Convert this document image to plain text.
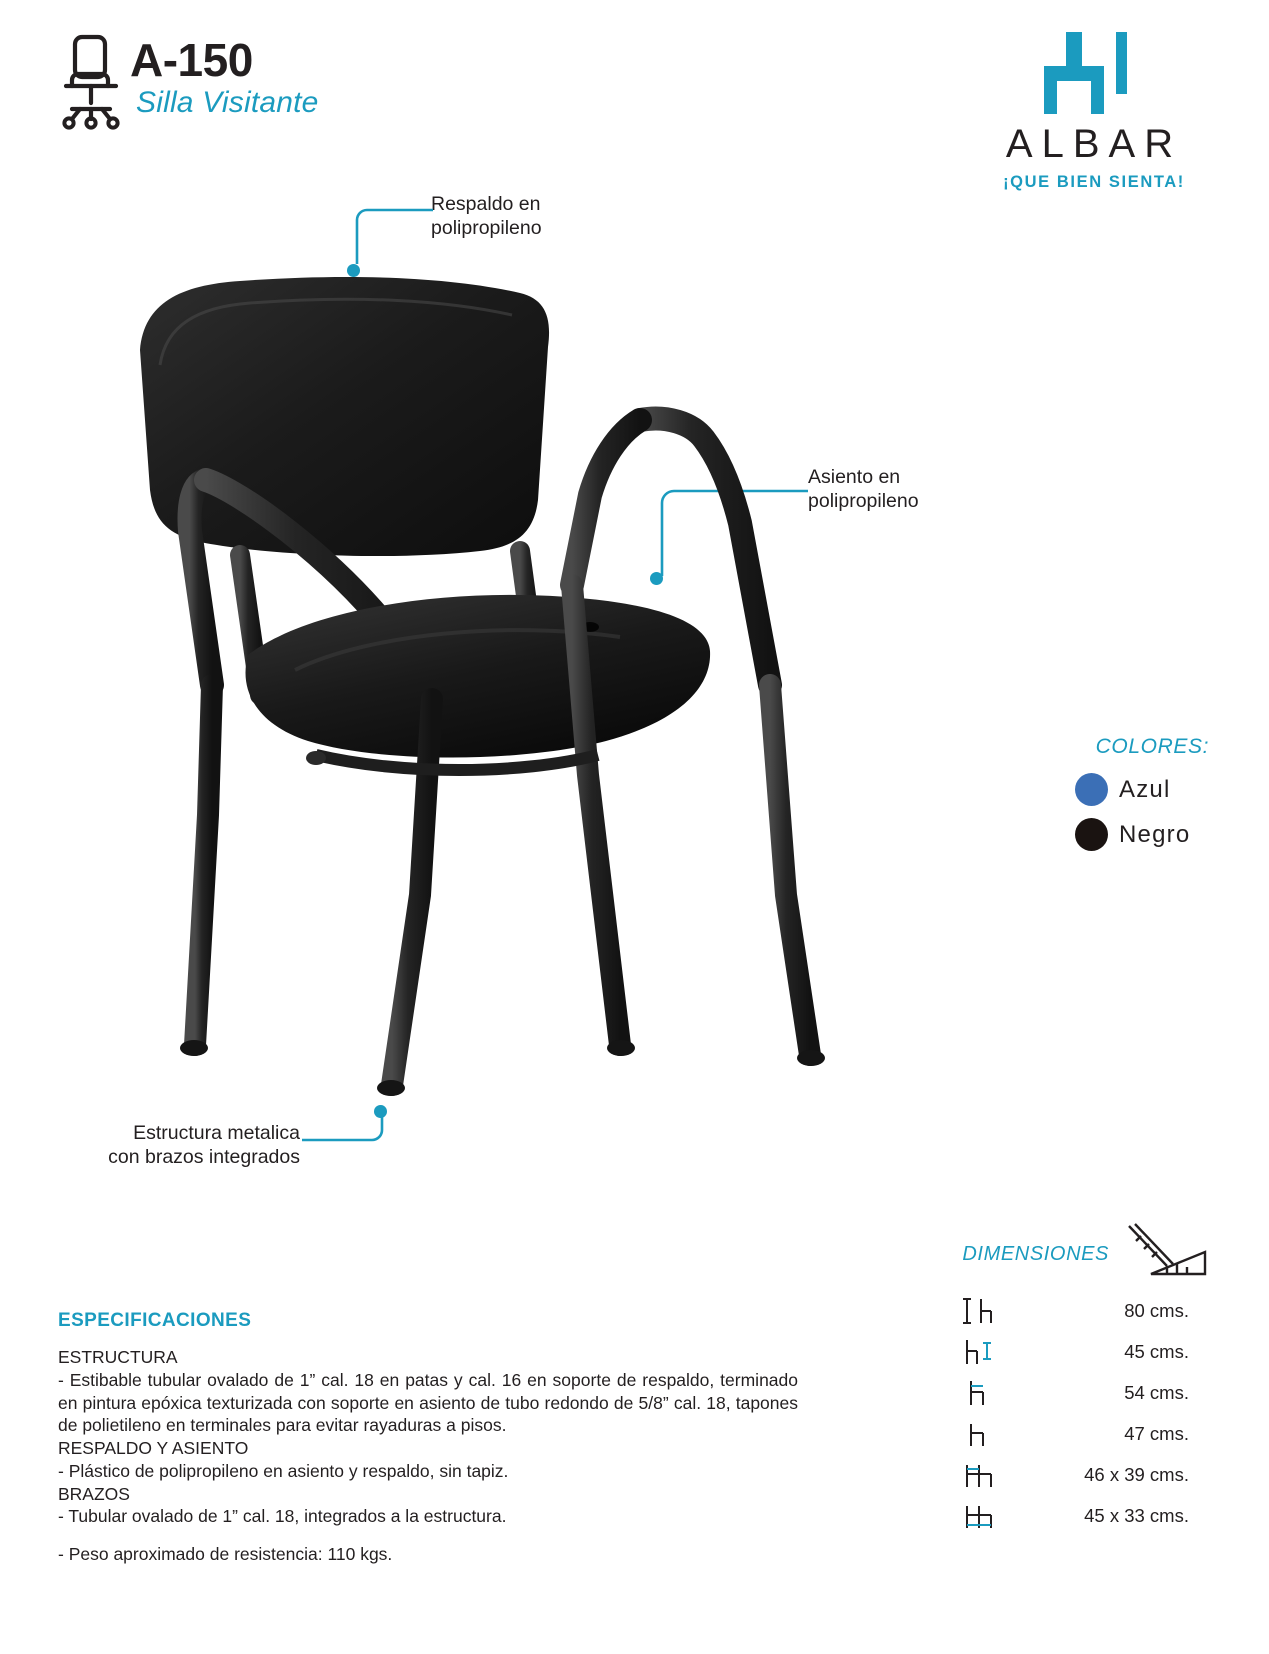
A-150
Silla Visitante
ALBAR
¡QUE BIEN SIENTA!
Respaldo en
polipropileno
Asiento en
polipropileno
Estructura metalica
con brazos integrados
COLORES:
Azul
Negro
DIMENSIONES
80 cms.
45 cms.
54 cms.
47 cms.
46 x 39 cms.
45 x 33 cms.
ESPECIFICACIONES

ESTRUCTURA

- Estibable tubular ovalado de 1” cal. 18 en patas y cal. 16 en soporte de respaldo, terminado en pintura epóxica texturizada con soporte en asiento de tubo redondo de 5/8” cal. 18, tapones de polietileno en terminales para evitar rayaduras a pisos.

RESPALDO Y ASIENTO

- Plástico de polipropileno en asiento y respaldo, sin tapiz.

BRAZOS

- Tubular ovalado de 1” cal. 18, integrados a la estructura.

- Peso aproximado de resistencia: 110 kgs.
